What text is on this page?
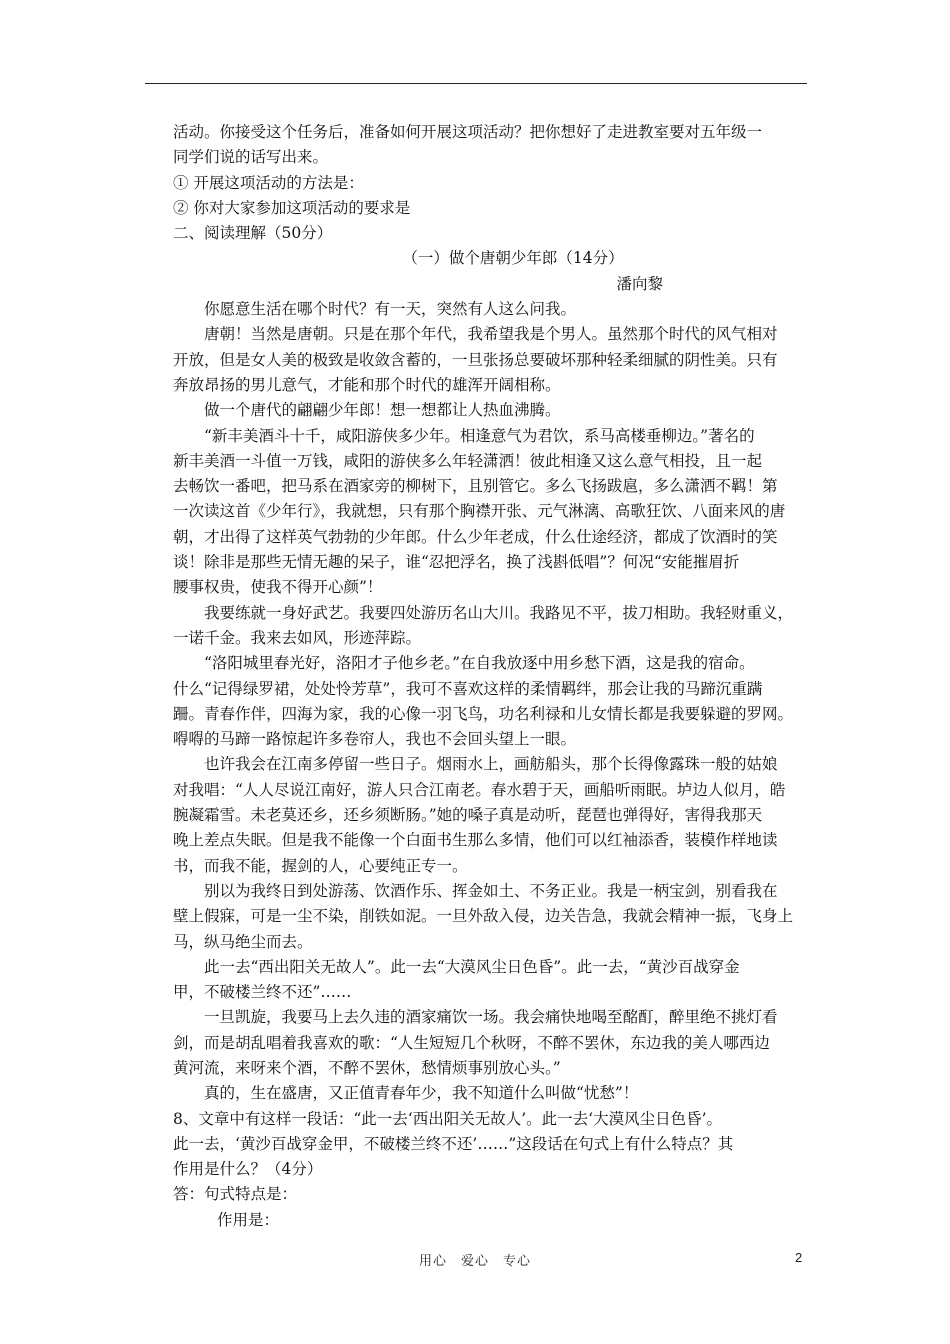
活动。你接受这个任务后，准备如何开展这项活动？把你想好了走进教室要对五年级一

同学们说的话写出来。

① 开展这项活动的方法是：

② 你对大家参加这项活动的要求是

二、阅读理解（50分）

（一）做个唐朝少年郎（14分）

潘向黎

你愿意生活在哪个时代？有一天，突然有人这么问我。

唐朝！当然是唐朝。只是在那个年代，我希望我是个男人。虽然那个时代的风气相对

开放，但是女人美的极致是收敛含蓄的，一旦张扬总要破坏那种轻柔细腻的阴性美。只有

奔放昂扬的男儿意气，才能和那个时代的雄浑开阔相称。

做一个唐代的翩翩少年郎！想一想都让人热血沸腾。

“新丰美酒斗十千，咸阳游侠多少年。相逢意气为君饮，系马高楼垂柳边。”著名的

新丰美酒一斗值一万钱，咸阳的游侠多么年轻潇洒！彼此相逢又这么意气相投，且一起

去畅饮一番吧，把马系在酒家旁的柳树下，且别管它。多么飞扬跋扈，多么潇洒不羁！第

一次读这首《少年行》，我就想，只有那个胸襟开张、元气淋漓、高歌狂饮、八面来风的唐

朝，才出得了这样英气勃勃的少年郎。什么少年老成，什么仕途经济，都成了饮酒时的笑

谈！除非是那些无情无趣的呆子，谁“忍把浮名，换了浅斟低唱”？何况“安能摧眉折

腰事权贵，使我不得开心颜”！

我要练就一身好武艺。我要四处游历名山大川。我路见不平，拔刀相助。我轻财重义，

一诺千金。我来去如风，形迹萍踪。

“洛阳城里春光好，洛阳才子他乡老。”在自我放逐中用乡愁下酒，这是我的宿命。

什么“记得绿罗裙，处处怜芳草”，我可不喜欢这样的柔情羁绊，那会让我的马蹄沉重蹒

跚。青春作伴，四海为家，我的心像一羽飞鸟，功名利禄和儿女情长都是我要躲避的罗网。

嘚嘚的马蹄一路惊起许多卷帘人，我也不会回头望上一眼。

也许我会在江南多停留一些日子。烟雨水上，画舫船头，那个长得像露珠一般的姑娘

对我唱：“人人尽说江南好，游人只合江南老。春水碧于天，画船听雨眠。垆边人似月，皓

腕凝霜雪。未老莫还乡，还乡须断肠。”她的嗓子真是动听，琵琶也弹得好，害得我那天

晚上差点失眠。但是我不能像一个白面书生那么多情，他们可以红袖添香，装模作样地读

书，而我不能，握剑的人，心要纯正专一。

别以为我终日到处游荡、饮酒作乐、挥金如土、不务正业。我是一柄宝剑，别看我在

壁上假寐，可是一尘不染，削铁如泥。一旦外敌入侵，边关告急，我就会精神一振，飞身上

马，纵马绝尘而去。

此一去“西出阳关无故人”。此一去“大漠风尘日色昏”。此一去，“黄沙百战穿金

甲，不破楼兰终不还”……

一旦凯旋，我要马上去久违的酒家痛饮一场。我会痛快地喝至酩酊，醉里绝不挑灯看

剑，而是胡乱唱着我喜欢的歌：“人生短短几个秋呀，不醉不罢休，东边我的美人哪西边

黄河流，来呀来个酒，不醉不罢休，愁情烦事别放心头。”

真的，生在盛唐，又正值青春年少，我不知道什么叫做“忧愁”！

8、文章中有这样一段话：“此一去‘西出阳关无故人’。此一去‘大漠风尘日色昏’。

此一去，‘黄沙百战穿金甲，不破楼兰终不还’……”这段话在句式上有什么特点？其

作用是什么？（4分）

答：句式特点是：

作用是：

用心　爱心　专心	2
